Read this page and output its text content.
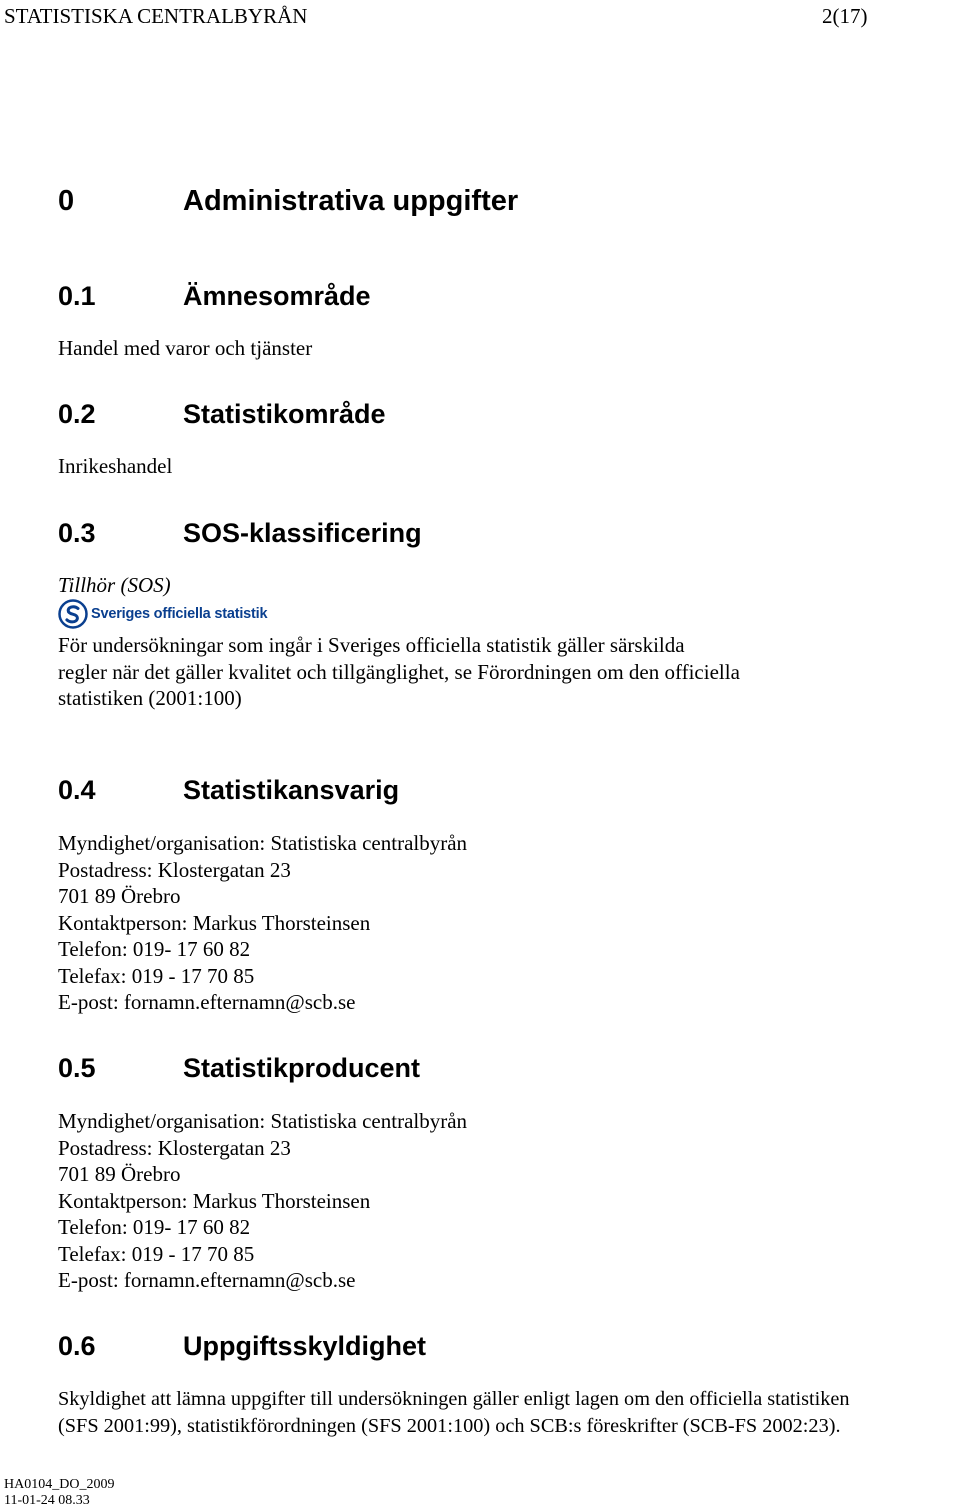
STATISTISKA CENTRALBYRÅN	2(17)
0	Administrativa uppgifter
0.1	Ämnesområde
Handel med varor och tjänster
0.2	Statistikområde
Inrikeshandel
0.3	SOS-klassificering
Tillhör (SOS)
Sveriges officiella statistik
För undersökningar som ingår i Sveriges officiella statistik gäller särskilda
regler när det gäller kvalitet och tillgänglighet, se Förordningen om den officiella
statistiken (2001:100)
0.4	Statistikansvarig
Myndighet/organisation: Statistiska centralbyrån
Postadress: Klostergatan 23
701 89 Örebro
Kontaktperson: Markus Thorsteinsen
Telefon: 019- 17 60 82
Telefax: 019 - 17 70 85
E-post: fornamn.efternamn@scb.se
0.5	Statistikproducent
Myndighet/organisation: Statistiska centralbyrån
Postadress: Klostergatan 23
701 89 Örebro
Kontaktperson: Markus Thorsteinsen
Telefon: 019- 17 60 82
Telefax: 019 - 17 70 85
E-post: fornamn.efternamn@scb.se
0.6	Uppgiftsskyldighet
Skyldighet att lämna uppgifter till undersökningen gäller enligt lagen om den officiella statistiken
(SFS 2001:99), statistikförordningen (SFS 2001:100) och SCB:s föreskrifter (SCB-FS 2002:23).
HA0104_DO_2009
11-01-24 08.33
